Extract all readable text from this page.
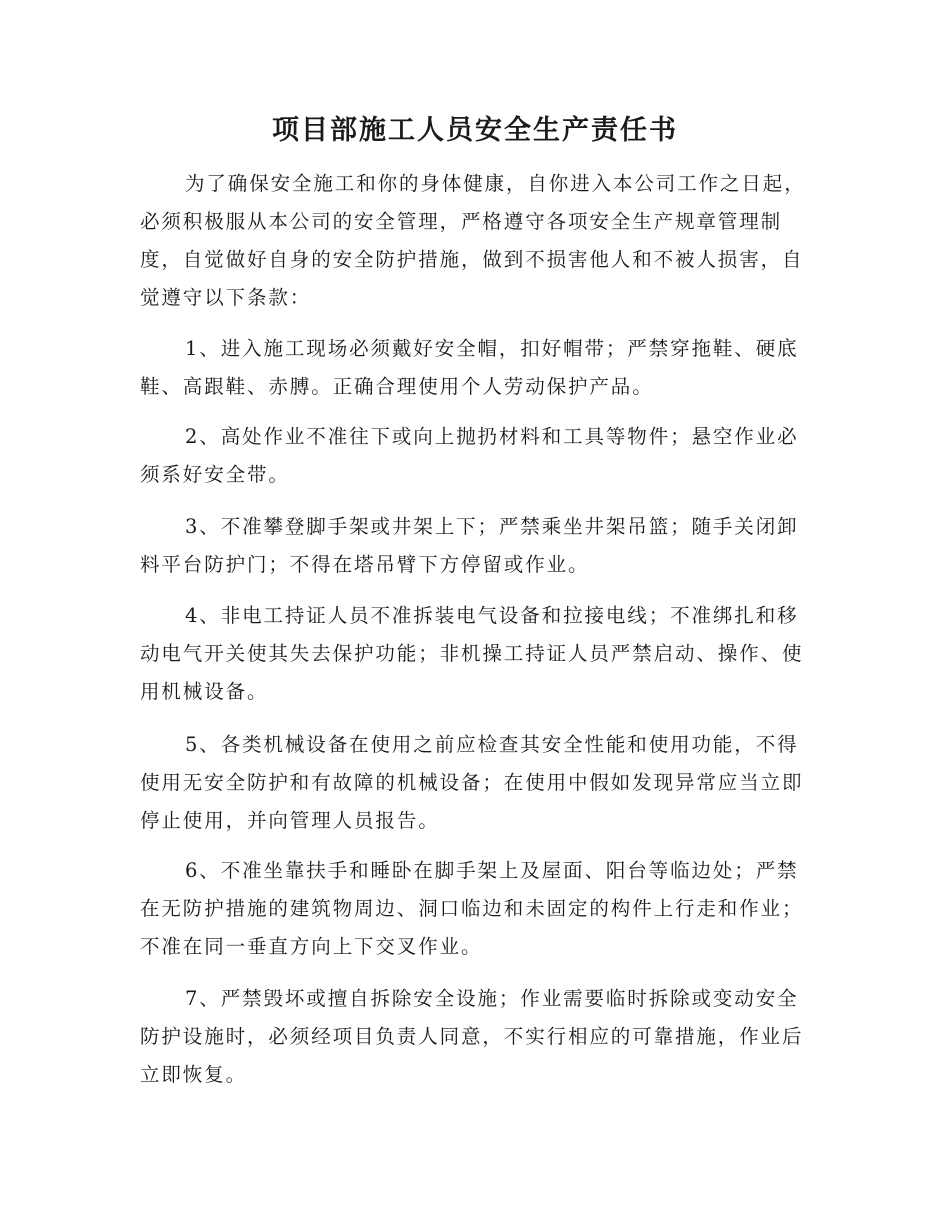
项目部施工人员安全生产责任书

为了确保安全施工和你的身体健康，自你进入本公司工作之日起，必须积极服从本公司的安全管理，严格遵守各项安全生产规章管理制度，自觉做好自身的安全防护措施，做到不损害他人和不被人损害，自觉遵守以下条款：

1、进入施工现场必须戴好安全帽，扣好帽带；严禁穿拖鞋、硬底鞋、高跟鞋、赤膊。正确合理使用个人劳动保护产品。

2、高处作业不准往下或向上抛扔材料和工具等物件；悬空作业必须系好安全带。

3、不准攀登脚手架或井架上下；严禁乘坐井架吊篮；随手关闭卸料平台防护门；不得在塔吊臂下方停留或作业。

4、非电工持证人员不准拆装电气设备和拉接电线；不准绑扎和移动电气开关使其失去保护功能；非机操工持证人员严禁启动、操作、使用机械设备。

5、各类机械设备在使用之前应检查其安全性能和使用功能，不得使用无安全防护和有故障的机械设备；在使用中假如发现异常应当立即停止使用，并向管理人员报告。

6、不准坐靠扶手和睡卧在脚手架上及屋面、阳台等临边处；严禁在无防护措施的建筑物周边、洞口临边和未固定的构件上行走和作业；不准在同一垂直方向上下交叉作业。

7、严禁毁坏或擅自拆除安全设施；作业需要临时拆除或变动安全防护设施时，必须经项目负责人同意，不实行相应的可靠措施，作业后立即恢复。
